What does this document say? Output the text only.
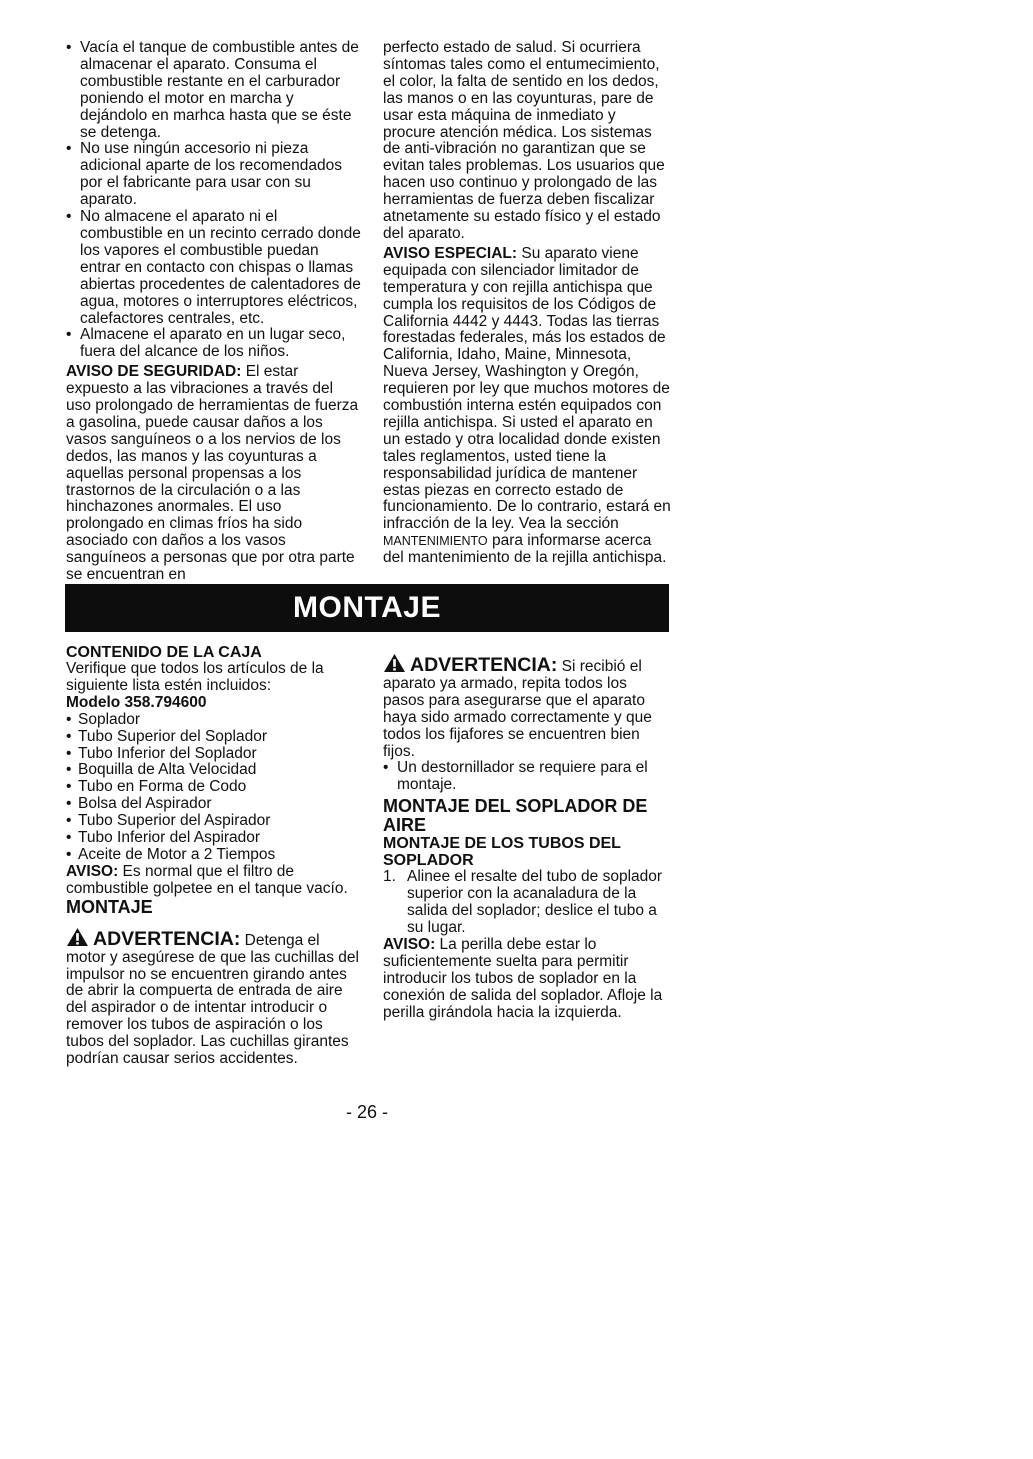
• Vacía el tanque de combustible antes de almacenar el aparato. Consuma el combustible restante en el carburador poniendo el motor en marcha y dejándolo en marhca hasta que se éste se detenga.
• No use ningún accesorio ni pieza adicional aparte de los recomendados por el fabricante para usar con su aparato.
• No almacene el aparato ni el combustible en un recinto cerrado donde los vapores el combustible puedan entrar en contacto con chispas o llamas abiertas procedentes de calentadores de agua, motores o interruptores eléctricos, calefactores centrales, etc.
• Almacene el aparato en un lugar seco, fuera del alcance de los niños.

AVISO DE SEGURIDAD: El estar expuesto a las vibraciones a través del uso prolongado de herramientas de fuerza a gasolina, puede causar daños a los vasos sanguíneos o a los nervios de los dedos, las manos y las coyunturas a aquellas personal propensas a los trastornos de la circulación o a las hinchazones anormales. El uso prolongado en climas fríos ha sido asociado con daños a los vasos sanguíneos a personas que por otra parte se encuentran en

perfecto estado de salud. Si ocurriera síntomas tales como el entumecimiento, el color, la falta de sentido en los dedos, las manos o en las coyunturas, pare de usar esta máquina de inmediato y procure atención médica. Los sistemas de anti-vibración no garantizan que se evitan tales problemas. Los usuarios que hacen uso continuo y prolongado de las herramientas de fuerza deben fiscalizar atnetamente su estado físico y el estado del aparato.

AVISO ESPECIAL: Su aparato viene equipada con silenciador limitador de temperatura y con rejilla antichispa que cumpla los requisitos de los Códigos de California 4442 y 4443. Todas las tierras forestadas federales, más los estados de California, Idaho, Maine, Minnesota, Nueva Jersey, Washington y Oregón, requieren por ley que muchos motores de combustión interna estén equipados con rejilla antichispa. Si usted el aparato en un estado y otra localidad donde existen tales reglamentos, usted tiene la responsabilidad jurídica de mantener estas piezas en correcto estado de funcionamiento. De lo contrario, estará en infracción de la ley. Vea la sección MANTENIMIENTO para informarse acerca del mantenimiento de la rejilla antichispa.

MONTAJE

CONTENIDO DE LA CAJA

Verifique que todos los artículos de la siguiente lista estén incluidos:

Modelo 358.794600

• Soplador
• Tubo Superior del Soplador
• Tubo Inferior del Soplador
• Boquilla de Alta Velocidad
• Tubo en Forma de Codo
• Bolsa del Aspirador
• Tubo Superior del Aspirador
• Tubo Inferior del Aspirador
• Aceite de Motor a 2 Tiempos

AVISO: Es normal que el filtro de combustible golpetee en el tanque vacío.

MONTAJE

ADVERTENCIA: Detenga el motor y asegúrese de que las cuchillas del impulsor no se encuentren girando antes de abrir la compuerta de entrada de aire del aspirador o de intentar introducir o remover los tubos de aspiración o los tubos del soplador. Las cuchillas girantes podrían causar serios accidentes.

ADVERTENCIA: Si recibió el aparato ya armado, repita todos los pasos para asegurarse que el aparato haya sido armado correctamente y que todos los fijafores se encuentren bien fijos.

• Un destornillador se requiere para el montaje.

MONTAJE DEL SOPLADOR DE AIRE

MONTAJE DE LOS TUBOS DEL SOPLADOR

1. Alinee el resalte del tubo de soplador superior con la acanaladura de la salida del soplador; deslice el tubo a su lugar.

AVISO: La perilla debe estar lo suficientemente suelta para permitir introducir los tubos de soplador en la conexión de salida del soplador. Afloje la perilla girándola hacia la izquierda.

- 26 -
